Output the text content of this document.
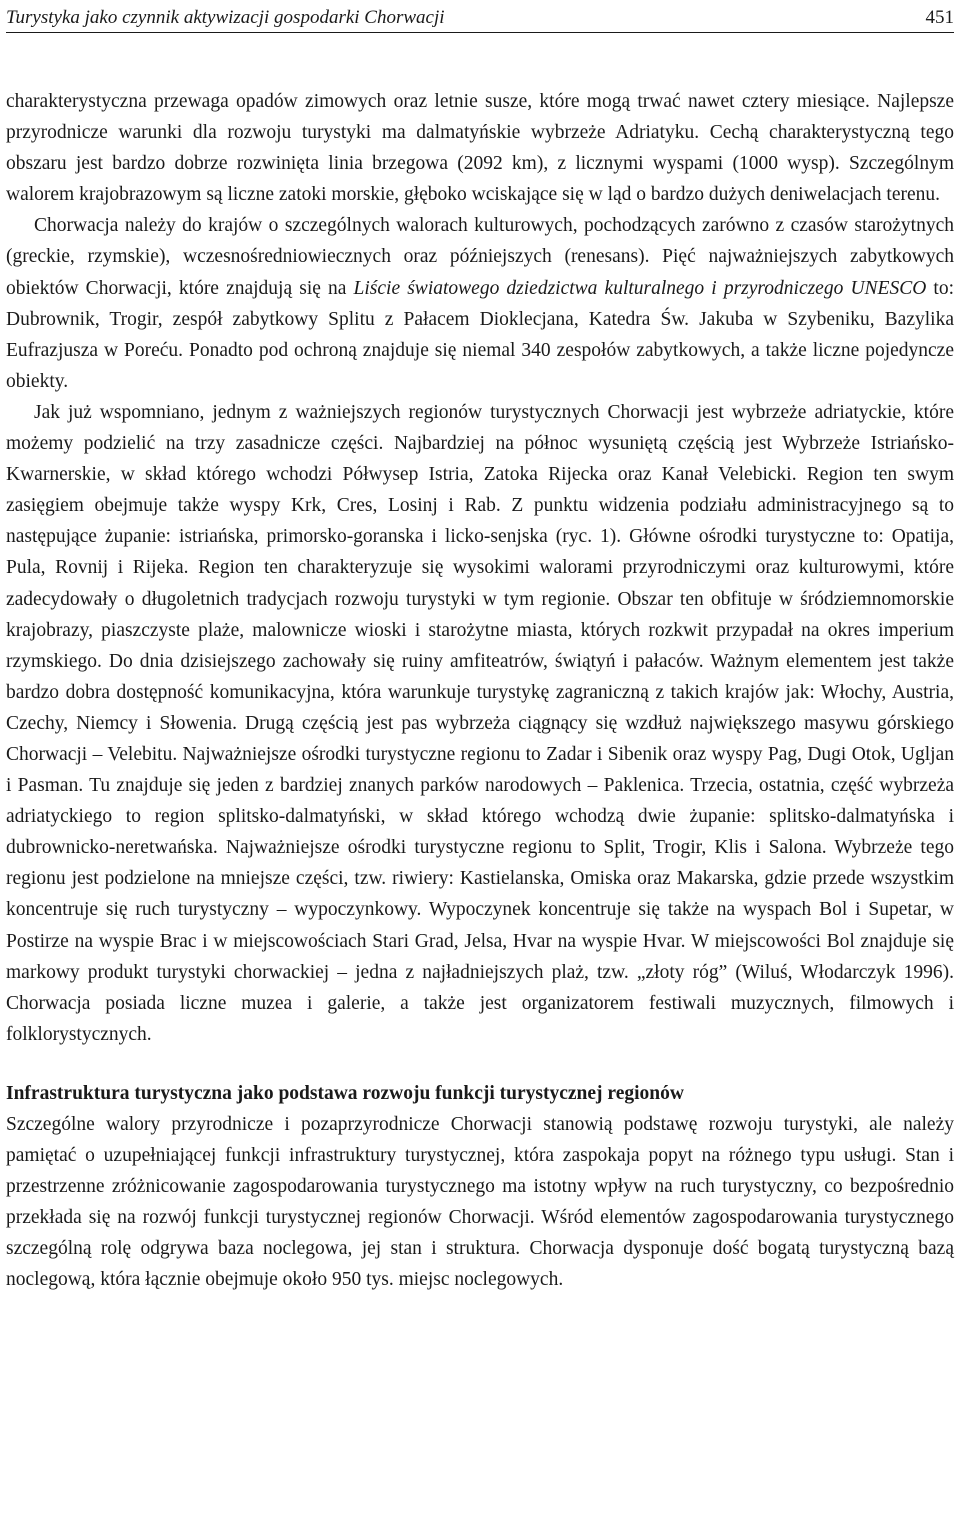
Turystyka jako czynnik aktywizacji gospodarki Chorwacji	451

charakterystyczna przewaga opadów zimowych oraz letnie susze, które mogą trwać nawet cztery miesiące. Najlepsze przyrodnicze warunki dla rozwoju turystyki ma dalmatyńskie wybrzeże Adriatyku. Cechą charakterystyczną tego obszaru jest bardzo dobrze rozwinięta linia brzegowa (2092 km), z licznymi wyspami (1000 wysp). Szczególnym walorem krajobrazowym są liczne zatoki morskie, głęboko wciskające się w ląd o bardzo dużych deniwelacjach terenu.

Chorwacja należy do krajów o szczególnych walorach kulturowych, pochodzących zarówno z czasów starożytnych (greckie, rzymskie), wczesnośredniowiecznych oraz późniejszych (renesans). Pięć najważniejszych zabytkowych obiektów Chorwacji, które znajdują się na Liście światowego dziedzictwa kulturalnego i przyrodniczego UNESCO to: Dubrownik, Trogir, zespół zabytkowy Splitu z Pałacem Dioklecjana, Katedra Św. Jakuba w Szybeniku, Bazylika Eufrazjusza w Poreću. Ponadto pod ochroną znajduje się niemal 340 zespołów zabytkowych, a także liczne pojedyncze obiekty.

Jak już wspomniano, jednym z ważniejszych regionów turystycznych Chorwacji jest wybrzeże adriatyckie, które możemy podzielić na trzy zasadnicze części. Najbardziej na północ wysuniętą częścią jest Wybrzeże Istriańsko-Kwarnerskie, w skład którego wchodzi Półwysep Istria, Zatoka Rijecka oraz Kanał Velebicki. Region ten swym zasięgiem obejmuje także wyspy Krk, Cres, Losinj i Rab. Z punktu widzenia podziału administracyjnego są to następujące żupanie: istriańska, primorsko-goranska i licko-senjska (ryc. 1). Główne ośrodki turystyczne to: Opatija, Pula, Rovnij i Rijeka. Region ten charakteryzuje się wysokimi walorami przyrodniczymi oraz kulturowymi, które zadecydowały o długoletnich tradycjach rozwoju turystyki w tym regionie. Obszar ten obfituje w śródziemnomorskie krajobrazy, piaszczyste plaże, malownicze wioski i starożytne miasta, których rozkwit przypadał na okres imperium rzymskiego. Do dnia dzisiejszego zachowały się ruiny amfiteatrów, świątyń i pałaców. Ważnym elementem jest także bardzo dobra dostępność komunikacyjna, która warunkuje turystykę zagraniczną z takich krajów jak: Włochy, Austria, Czechy, Niemcy i Słowenia. Drugą częścią jest pas wybrzeża ciągnący się wzdłuż największego masywu górskiego Chorwacji – Velebitu. Najważniejsze ośrodki turystyczne regionu to Zadar i Sibenik oraz wyspy Pag, Dugi Otok, Ugljan i Pasman. Tu znajduje się jeden z bardziej znanych parków narodowych – Paklenica. Trzecia, ostatnia, część wybrzeża adriatyckiego to region splitsko-dalmatyński, w skład którego wchodzą dwie żupanie: splitsko-dalmatyńska i dubrownicko-neretwańska. Najważniejsze ośrodki turystyczne regionu to Split, Trogir, Klis i Salona. Wybrzeże tego regionu jest podzielone na mniejsze części, tzw. riwiery: Kastielanska, Omiska oraz Makarska, gdzie przede wszystkim koncentruje się ruch turystyczny – wypoczynkowy. Wypoczynek koncentruje się także na wyspach Bol i Supetar, w Postirze na wyspie Brac i w miejscowościach Stari Grad, Jelsa, Hvar na wyspie Hvar. W miejscowości Bol znajduje się markowy produkt turystyki chorwackiej – jedna z najładniejszych plaż, tzw. „złoty róg” (Wiluś, Włodarczyk 1996). Chorwacja posiada liczne muzea i galerie, a także jest organizatorem festiwali muzycznych, filmowych i folklorystycznych.

Infrastruktura turystyczna jako podstawa rozwoju funkcji turystycznej regionów

Szczególne walory przyrodnicze i pozaprzyrodnicze Chorwacji stanowią podstawę rozwoju turystyki, ale należy pamiętać o uzupełniającej funkcji infrastruktury turystycznej, która zaspokaja popyt na różnego typu usługi. Stan i przestrzenne zróżnicowanie zagospodarowania turystycznego ma istotny wpływ na ruch turystyczny, co bezpośrednio przekłada się na rozwój funkcji turystycznej regionów Chorwacji. Wśród elementów zagospodarowania turystycznego szczególną rolę odgrywa baza noclegowa, jej stan i struktura. Chorwacja dysponuje dość bogatą turystyczną bazą noclegową, która łącznie obejmuje około 950 tys. miejsc noclegowych.
